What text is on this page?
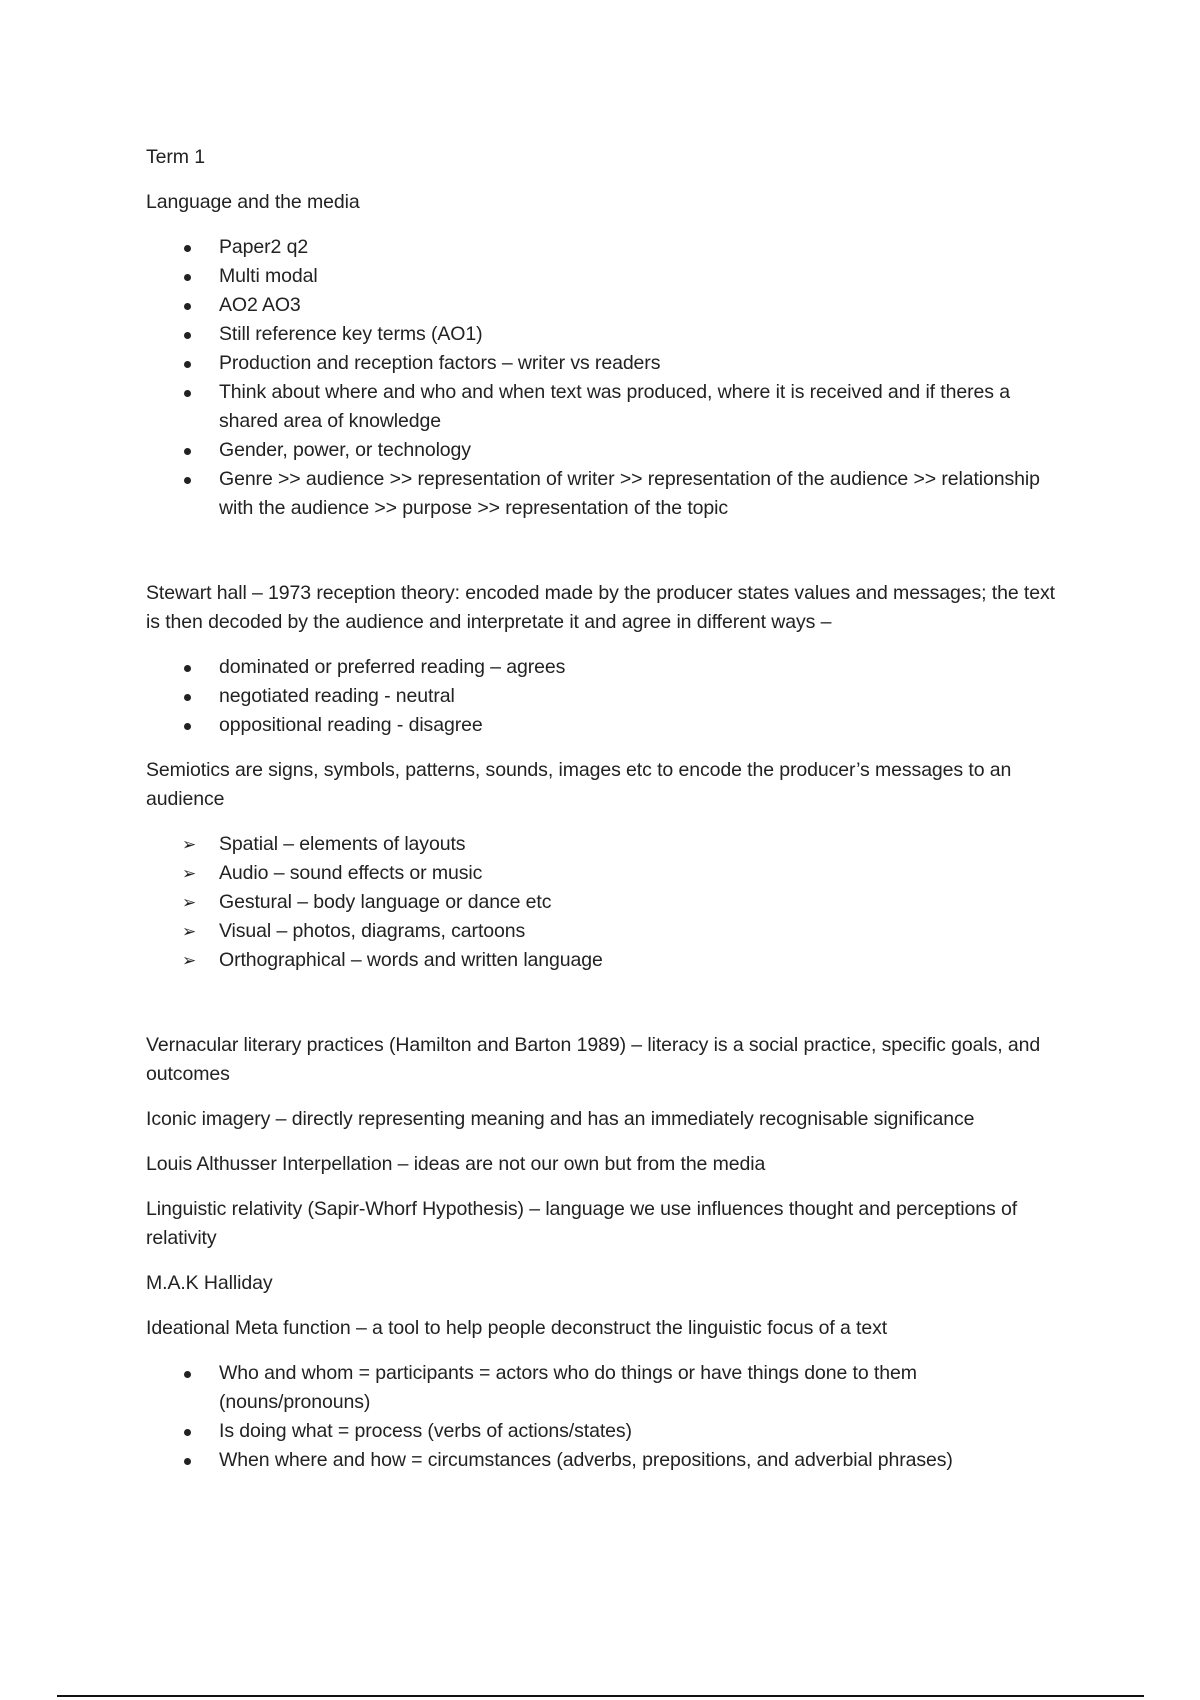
Term 1

Language and the media

Paper2 q2
Multi modal
AO2 AO3
Still reference key terms (AO1)
Production and reception factors – writer vs readers
Think about where and who and when text was produced, where it is received and if theres a shared area of knowledge
Gender, power, or technology
Genre >> audience >> representation of writer >> representation of the audience >> relationship with the audience >> purpose >> representation of the topic

Stewart hall – 1973 reception theory: encoded made by the producer states values and messages; the text is then decoded by the audience and interpretate it and agree in different ways –

dominated or preferred reading – agrees
negotiated reading - neutral
oppositional reading - disagree

Semiotics are signs, symbols, patterns, sounds, images etc to encode the producer’s messages to an audience

➢ Spatial – elements of layouts
➢ Audio – sound effects or music
➢ Gestural – body language or dance etc
➢ Visual – photos, diagrams, cartoons
➢ Orthographical – words and written language

Vernacular literary practices (Hamilton and Barton 1989) – literacy is a social practice, specific goals, and outcomes

Iconic imagery – directly representing meaning and has an immediately recognisable significance

Louis Althusser Interpellation – ideas are not our own but from the media

Linguistic relativity (Sapir-Whorf Hypothesis) – language we use influences thought and perceptions of relativity

M.A.K Halliday

Ideational Meta function – a tool to help people deconstruct the linguistic focus of a text

Who and whom = participants = actors who do things or have things done to them (nouns/pronouns)
Is doing what = process (verbs of actions/states)
When where and how = circumstances (adverbs, prepositions, and adverbial phrases)
